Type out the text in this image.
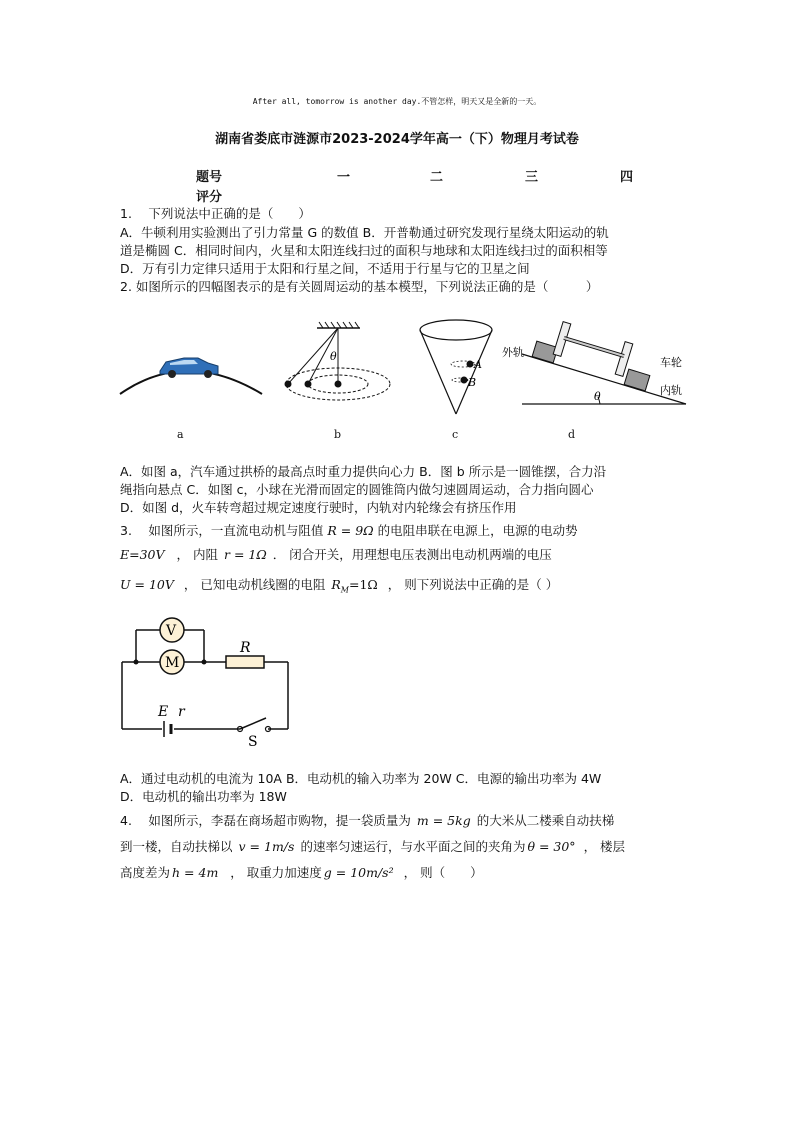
After all, tomorrow is another day.不管怎样，明天又是全新的一天。
湖南省娄底市涟源市2023-2024学年高一（下）物理月考试卷
题号	一	二	三	四
评分
1.　 下列说法中正确的是（　　）
A．牛顿利用实验测出了引力常量 G 的数值 B．开普勒通过研究发现行星绕太阳运动的轨
道是椭圆 C．相同时间内，火星和太阳连线扫过的面积与地球和太阳连线扫过的面积相等
D．万有引力定律只适用于太阳和行星之间，不适用于行星与它的卫星之间
2. 如图所示的四幅图表示的是有关圆周运动的基本模型，下列说法正确的是（　　　）
θ
A
B
外轨
车轮
内轨
θ
a	b	c	d
A．如图 a，汽车通过拱桥的最高点时重力提供向心力 B．图 b 所示是一圆锥摆，合力沿
绳指向悬点 C．如图 c，小球在光滑而固定的圆锥筒内做匀速圆周运动，合力指向圆心
D．如图 d，火车转弯超过规定速度行驶时，内轨对内轮缘会有挤压作用
3.　 如图所示，一直流电动机与阻值 R = 9Ω 的电阻串联在电源上，电源的电动势
E=30V ， 内阻 r = 1Ω ． 闭合开关，用理想电压表测出电动机两端的电压
U = 10V ， 已知电动机线圈的电阻 $R_M=1\Omega$ ， 则下列说法中正确的是（ ）
V
M
R
E r
S
A．通过电动机的电流为 10A B．电动机的输入功率为 20W C．电源的输出功率为 4W
D．电动机的输出功率为 18W
4.　 如图所示，李磊在商场超市购物，提一袋质量为 m = 5kg 的大米从二楼乘自动扶梯
到一楼，自动扶梯以 v = 1m/s 的速率匀速运行，与水平面之间的夹角为 θ = 30° ， 楼层
高度差为 h = 4m ， 取重力加速度 g = 10m/s² ， 则（　　）
